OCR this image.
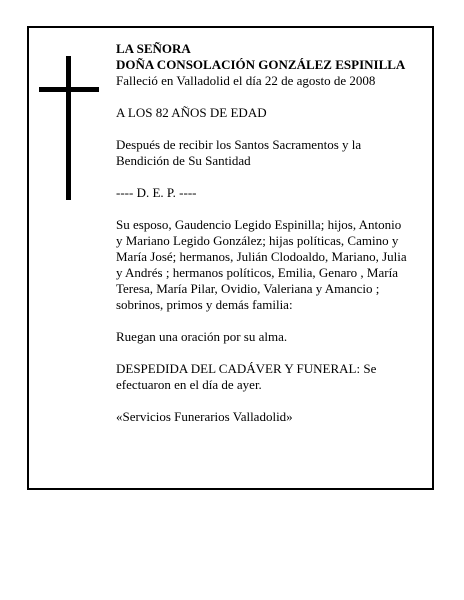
LA SEÑORA
DOÑA CONSOLACIÓN GONZÁLEZ ESPINILLA
Falleció en Valladolid el día 22 de agosto de 2008
A LOS 82 AÑOS DE EDAD
Después de recibir los Santos Sacramentos y la
Bendición de Su Santidad
---- D. E. P. ----
Su esposo, Gaudencio Legido Espinilla; hijos, Antonio
y Mariano Legido González; hijas políticas, Camino y
María José; hermanos, Julián Clodoaldo, Mariano, Julia
y Andrés ; hermanos políticos, Emilia, Genaro , María
Teresa, María Pilar, Ovidio, Valeriana y Amancio ;
sobrinos, primos y demás familia:
Ruegan una oración por su alma.
DESPEDIDA DEL CADÁVER Y FUNERAL: Se
efectuaron en el día de ayer.
«Servicios Funerarios Valladolid»
